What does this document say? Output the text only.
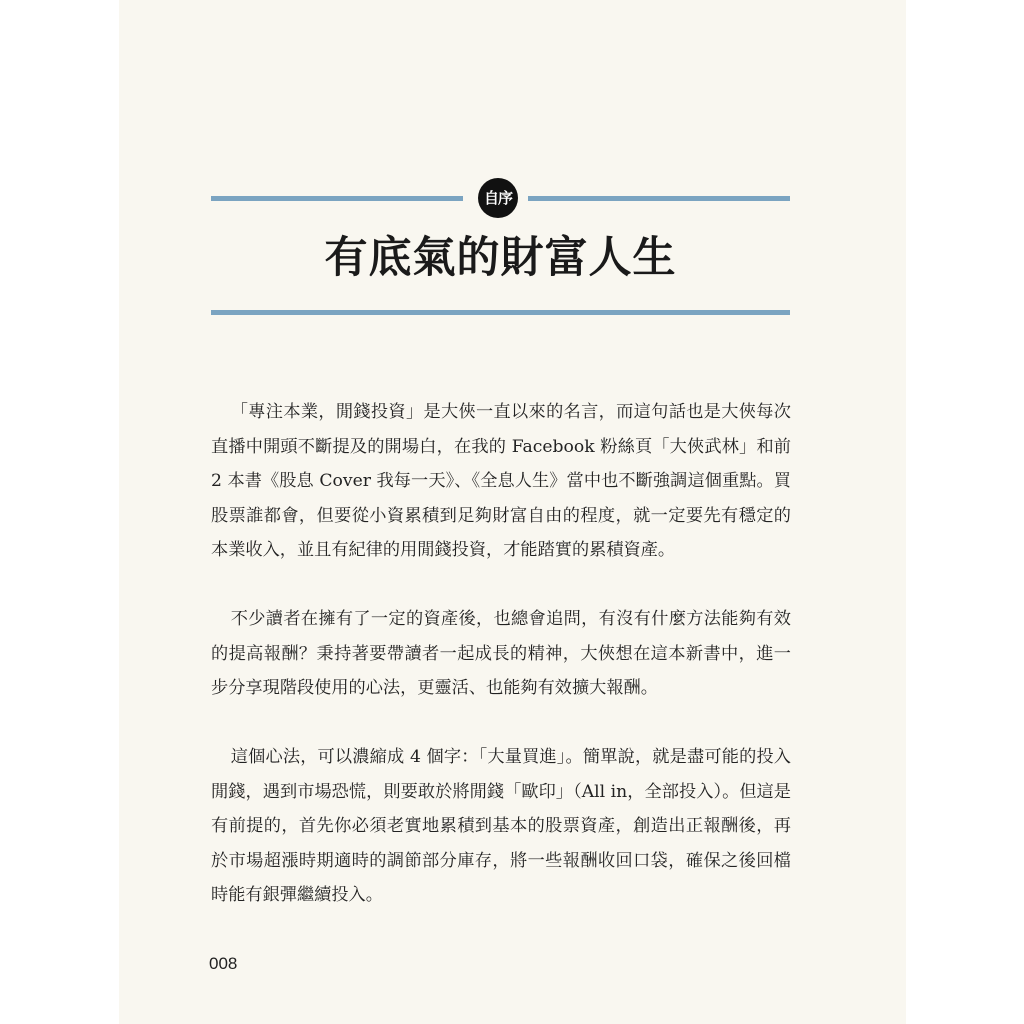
自序
有底氣的財富人生

「專注本業，閒錢投資」是大俠一直以來的名言，而這句話也是大俠每次直播中開頭不斷提及的開場白，在我的 Facebook 粉絲頁「大俠武林」和前 2 本書《股息 Cover 我每一天》、《全息人生》當中也不斷強調這個重點。買股票誰都會，但要從小資累積到足夠財富自由的程度，就一定要先有穩定的本業收入，並且有紀律的用閒錢投資，才能踏實的累積資產。

不少讀者在擁有了一定的資產後，也總會追問，有沒有什麼方法能夠有效的提高報酬？秉持著要帶讀者一起成長的精神，大俠想在這本新書中，進一步分享現階段使用的心法，更靈活、也能夠有效擴大報酬。

這個心法，可以濃縮成 4 個字：「大量買進」。簡單說，就是盡可能的投入閒錢，遇到市場恐慌，則要敢於將閒錢「歐印」（All in，全部投入）。但這是有前提的，首先你必須老實地累積到基本的股票資產，創造出正報酬後，再於市場超漲時期適時的調節部分庫存，將一些報酬收回口袋，確保之後回檔時能有銀彈繼續投入。

008
